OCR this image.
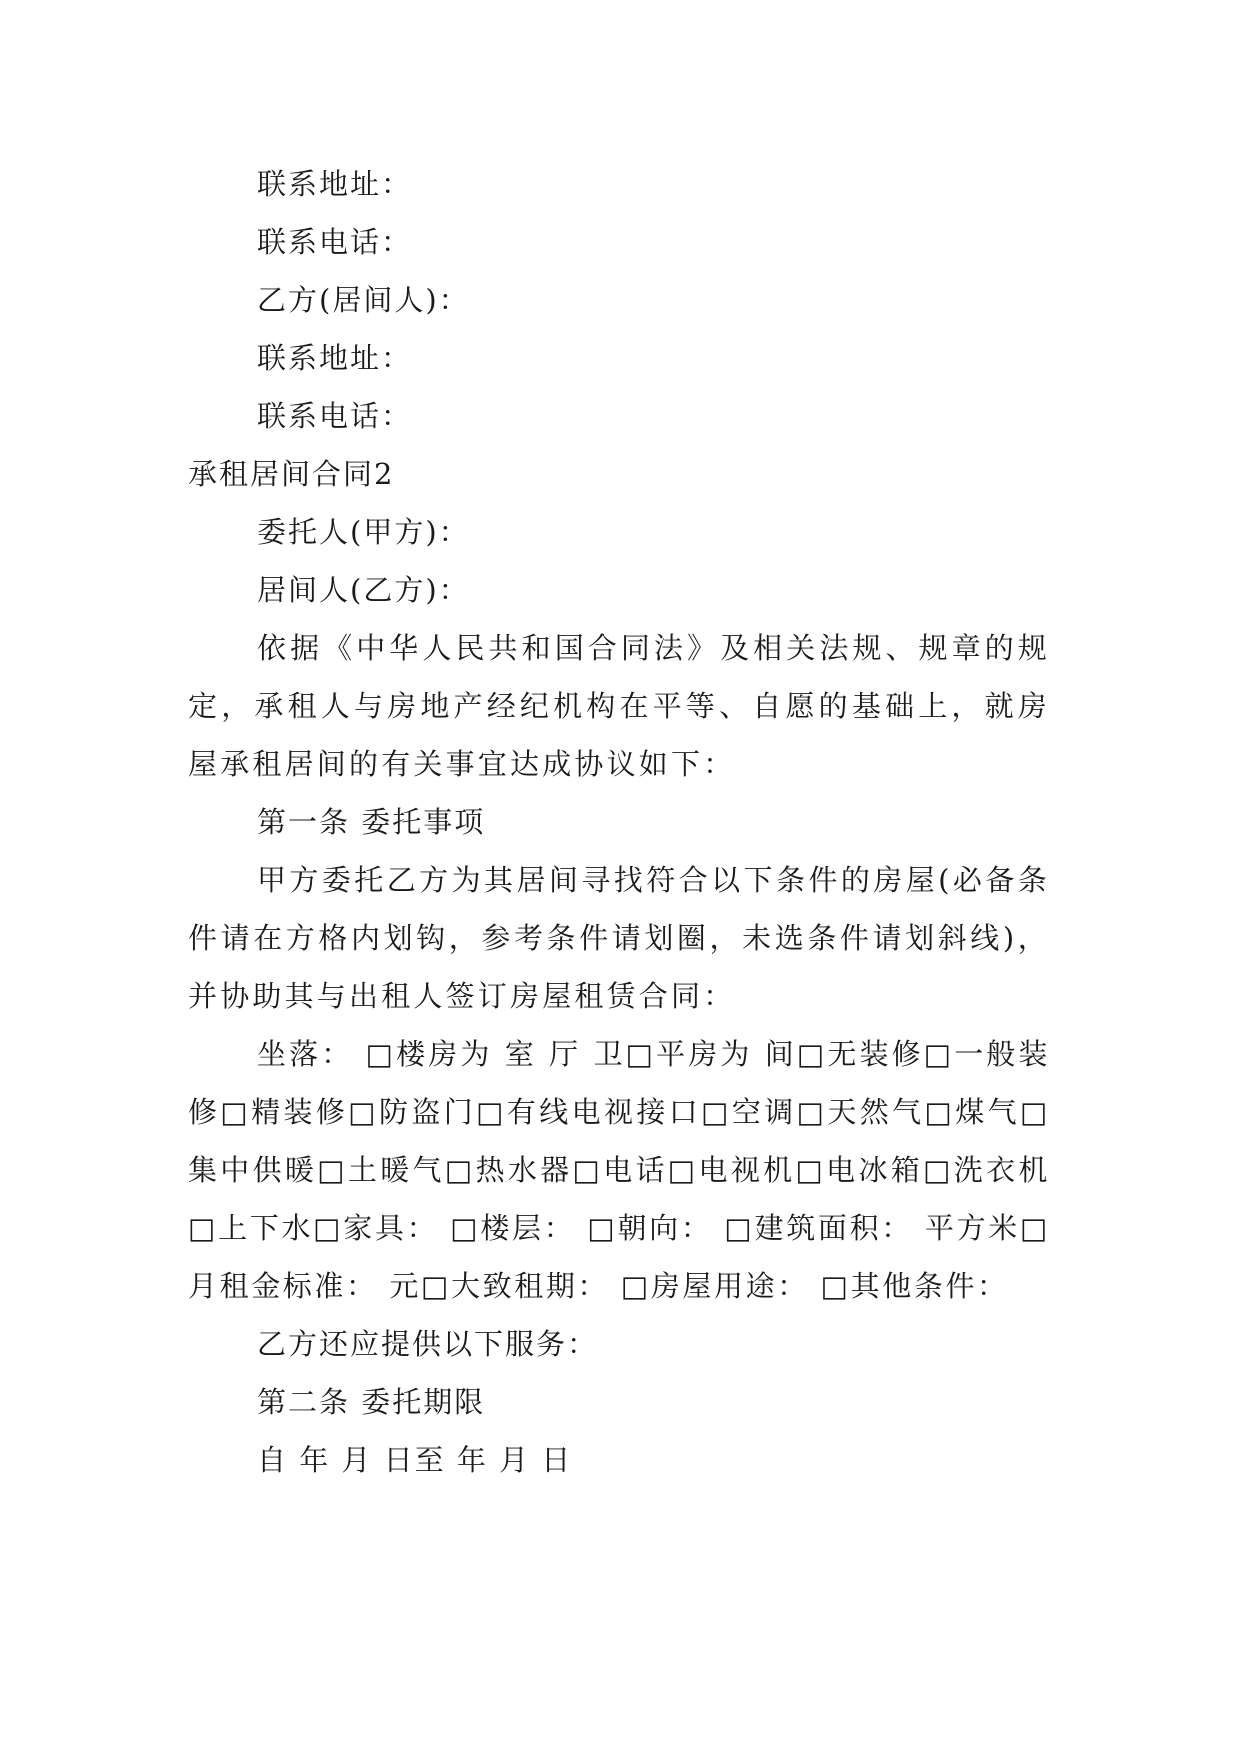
联系地址：

联系电话：

乙方(居间人)：

联系地址：

联系电话：

承租居间合同2

委托人(甲方)：

居间人(乙方)：

依据《中华人民共和国合同法》及相关法规、规章的规定，承租人与房地产经纪机构在平等、自愿的基础上，就房屋承租居间的有关事宜达成协议如下：

第一条 委托事项

甲方委托乙方为其居间寻找符合以下条件的房屋(必备条件请在方格内划钩，参考条件请划圈，未选条件请划斜线)，并协助其与出租人签订房屋租赁合同：

坐落： □楼房为 室 厅 卫□平房为 间□无装修□一般装修□精装修□防盗门□有线电视接口□空调□天然气□煤气□集中供暖□土暖气□热水器□电话□电视机□电冰箱□洗衣机□上下水□家具： □楼层： □朝向： □建筑面积： 平方米□月租金标准： 元□大致租期： □房屋用途： □其他条件：

乙方还应提供以下服务：

第二条 委托期限

自 年 月 日至 年 月 日
